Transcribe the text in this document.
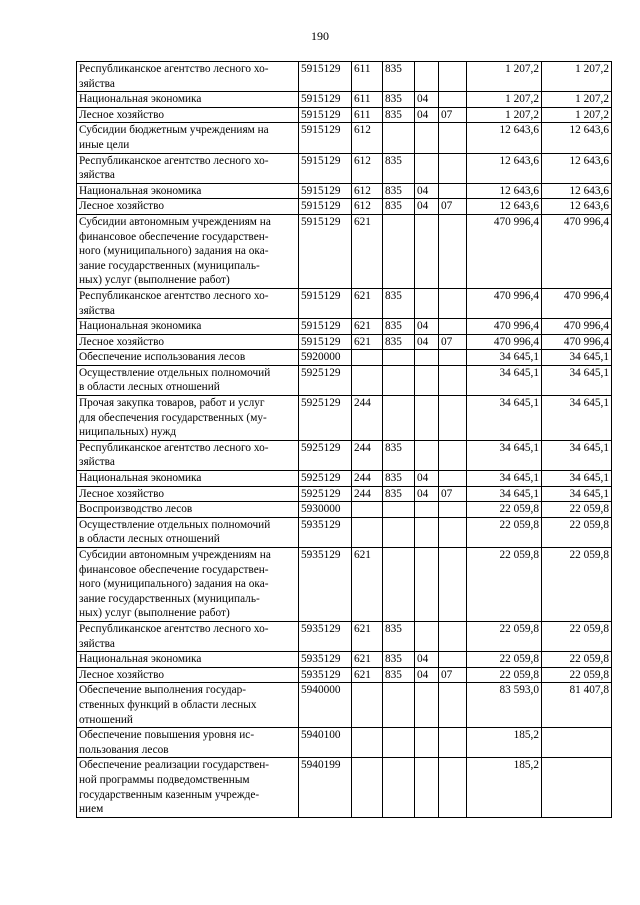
190
Республиканское агентство лесного хо-
зяйства	5915129	611	835			1 207,2	1 207,2
Национальная экономика	5915129	611	835	04		1 207,2	1 207,2
Лесное хозяйство	5915129	611	835	04	07	1 207,2	1 207,2
Субсидии бюджетным учреждениям на
иные цели	5915129	612				12 643,6	12 643,6
Республиканское агентство лесного хо-
зяйства	5915129	612	835			12 643,6	12 643,6
Национальная экономика	5915129	612	835	04		12 643,6	12 643,6
Лесное хозяйство	5915129	612	835	04	07	12 643,6	12 643,6
Субсидии автономным учреждениям на
финансовое обеспечение государствен-
ного (муниципального) задания на ока-
зание государственных (муниципаль-
ных) услуг (выполнение работ)	5915129	621				470 996,4	470 996,4
Республиканское агентство лесного хо-
зяйства	5915129	621	835			470 996,4	470 996,4
Национальная экономика	5915129	621	835	04		470 996,4	470 996,4
Лесное хозяйство	5915129	621	835	04	07	470 996,4	470 996,4
Обеспечение использования лесов	5920000					34 645,1	34 645,1
Осуществление отдельных полномочий
в области лесных отношений	5925129					34 645,1	34 645,1
Прочая закупка товаров, работ и услуг
для обеспечения государственных (му-
ниципальных) нужд	5925129	244				34 645,1	34 645,1
Республиканское агентство лесного хо-
зяйства	5925129	244	835			34 645,1	34 645,1
Национальная экономика	5925129	244	835	04		34 645,1	34 645,1
Лесное хозяйство	5925129	244	835	04	07	34 645,1	34 645,1
Воспроизводство лесов	5930000					22 059,8	22 059,8
Осуществление отдельных полномочий
в области лесных отношений	5935129					22 059,8	22 059,8
Субсидии автономным учреждениям на
финансовое обеспечение государствен-
ного (муниципального) задания на ока-
зание государственных (муниципаль-
ных) услуг (выполнение работ)	5935129	621				22 059,8	22 059,8
Республиканское агентство лесного хо-
зяйства	5935129	621	835			22 059,8	22 059,8
Национальная экономика	5935129	621	835	04		22 059,8	22 059,8
Лесное хозяйство	5935129	621	835	04	07	22 059,8	22 059,8
Обеспечение выполнения государ-
ственных функций в области лесных
отношений	5940000					83 593,0	81 407,8
Обеспечение повышения уровня ис-
пользования лесов	5940100					185,2	
Обеспечение реализации государствен-
ной программы подведомственным
государственным казенным учрежде-
нием	5940199					185,2	
